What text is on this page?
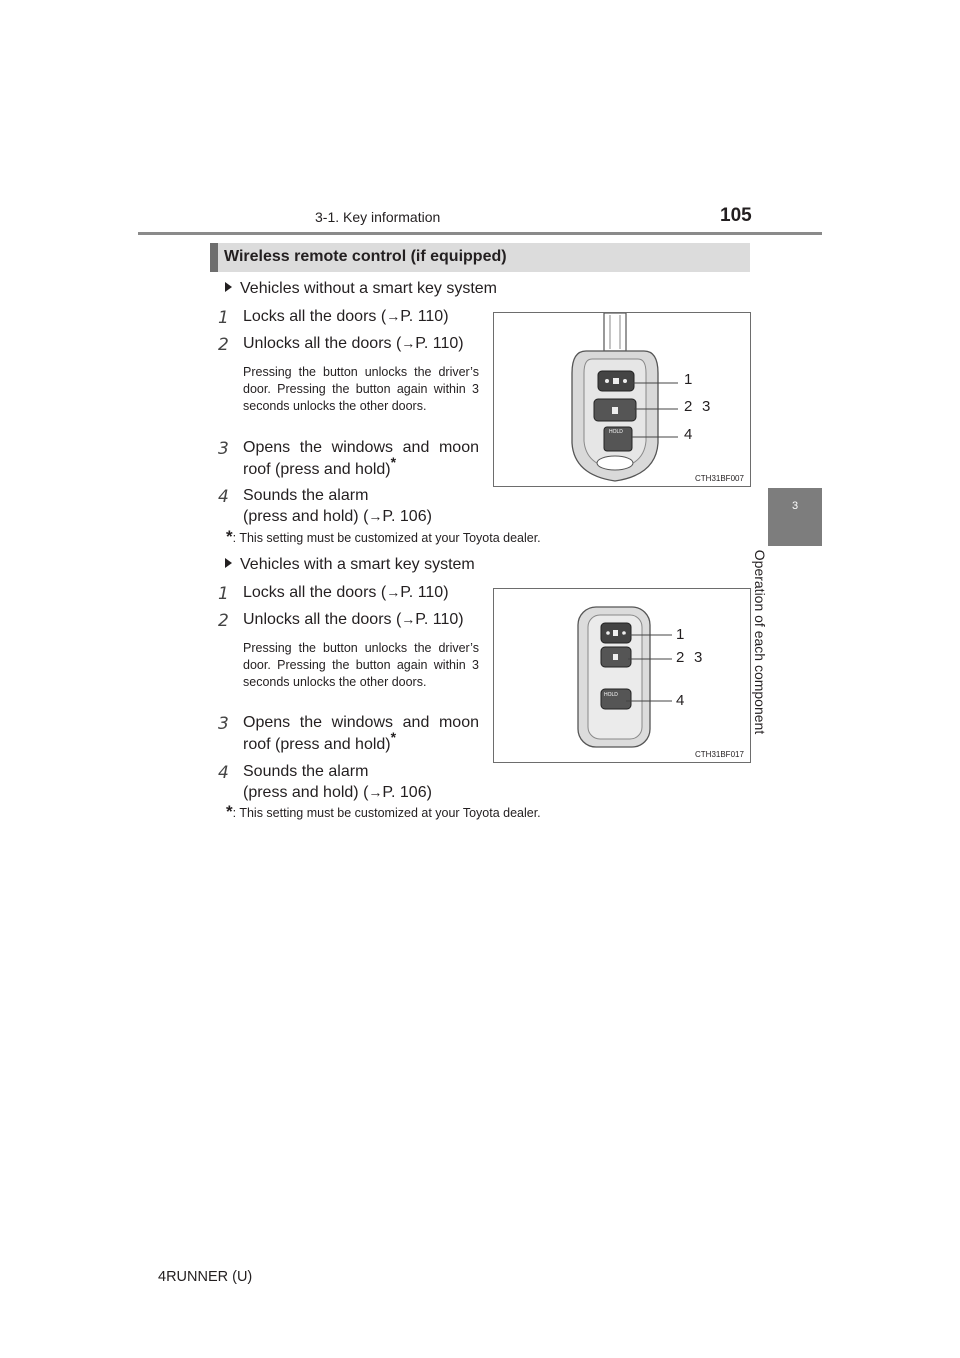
3-1. Key information	105
3
Operation of each component
Wireless remote control (if equipped)
Vehicles without a smart key system
1 Locks all the doors (→P. 110)
2 Unlocks all the doors (→P. 110)
Pressing the button unlocks the driver’s door. Pressing the button again within 3 seconds unlocks the other doors.
3 Opens the windows and moon
roof (press and hold)*
4 Sounds the alarm
(press and hold) (→P. 106)
*: This setting must be customized at your Toyota dealer.
HOLD
1
2 3
4
CTH31BF007
Vehicles with a smart key system
1 Locks all the doors (→P. 110)
2 Unlocks all the doors (→P. 110)
Pressing the button unlocks the driver’s door. Pressing the button again within 3 seconds unlocks the other doors.
3 Opens the windows and moon
roof (press and hold)*
4 Sounds the alarm
(press and hold) (→P. 106)
*: This setting must be customized at your Toyota dealer.
HOLD
1
2 3
4
CTH31BF017
4RUNNER (U)
